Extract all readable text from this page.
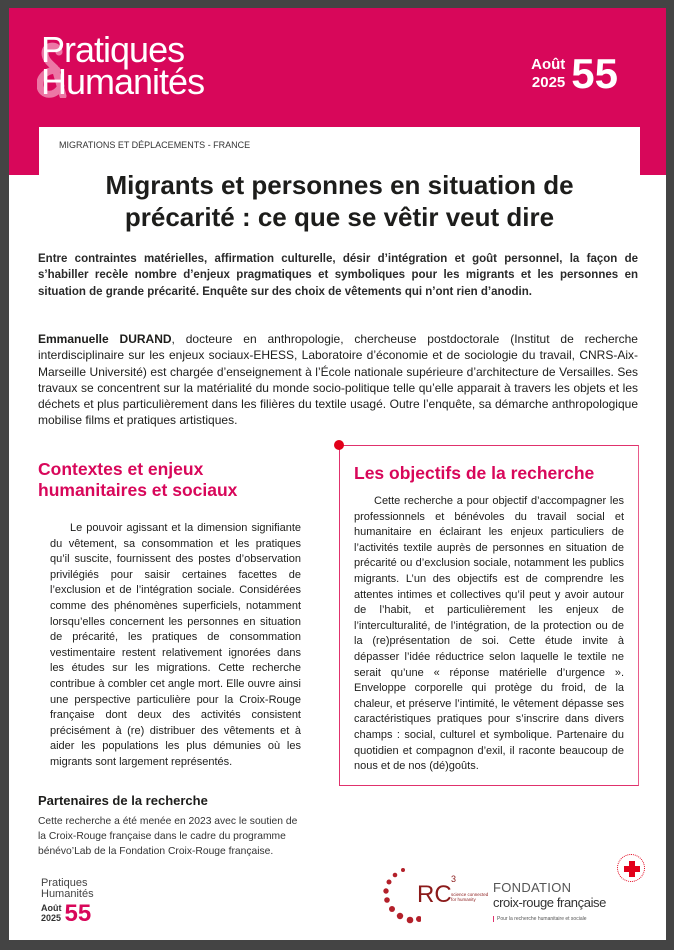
Pratiques
Humanités	Août
2025 55
MIGRATIONS ET DÉPLACEMENTS - FRANCE
Migrants et personnes en situation de
précarité : ce que se vêtir veut dire

Entre contraintes matérielles, affirmation culturelle, désir d’intégration et goût personnel, la façon de s’habiller recèle nombre d’enjeux pragmatiques et symboliques pour les migrants et les personnes en situation de grande précarité. Enquête sur des choix de vêtements qui n’ont rien d’anodin.

Emmanuelle DURAND, docteure en anthropologie, chercheuse postdoctorale (Institut de recherche interdisciplinaire sur les enjeux sociaux-EHESS, Laboratoire d’économie et de sociologie du travail, CNRS-Aix-Marseille Université) est chargée d’enseignement à l’École nationale supérieure d’architecture de Versailles. Ses travaux se concentrent sur la matérialité du monde socio-politique telle qu’elle apparait à travers les objets et les déchets et plus particulièrement dans les filières du textile usagé. Outre l’enquête, sa démarche anthropologique mobilise films et pratiques artistiques.

Contextes et enjeux humanitaires et sociaux

Le pouvoir agissant et la dimension signifiante du vêtement, sa consommation et les pratiques qu’il suscite, fournissent des postes d’observation privilégiés pour saisir certaines facettes de l’exclusion et de l’intégration sociale. Considérées comme des phénomènes superficiels, notamment lorsqu’elles concernent les personnes en situation de précarité, les pratiques de consommation vestimentaire restent relativement ignorées dans les études sur les migrations. Cette recherche contribue à combler cet angle mort. Elle ouvre ainsi une perspective particulière pour la Croix-Rouge française dont deux des activités consistent précisément à (re) distribuer des vêtements et à aider les populations les plus démunies où les migrants sont largement représentés.

Partenaires de la recherche

Cette recherche a été menée en 2023 avec le soutien de la Croix-Rouge française dans le cadre du programme bénévo’Lab de la Fondation Croix-Rouge française.

Les objectifs de la recherche

Cette recherche a pour objectif d’accompagner les professionnels et bénévoles du travail social et humanitaire en éclairant les enjeux particuliers de l’activités textile auprès de personnes en situation de précarité ou d’exclusion sociale, notamment les publics migrants. L’un des objectifs est de comprendre les attentes intimes et collectives qu’il peut y avoir autour de l’habit, et particulièrement les enjeux de l’interculturalité, de l’intégration, de la protection ou de la (re)présentation de soi. Cette étude invite à dépasser l’idée réductrice selon laquelle le textile ne serait qu’une « réponse matérielle d’urgence ». Enveloppe corporelle qui protège du froid, de la chaleur, et préserve l’intimité, le vêtement dépasse ses caractéristiques pratiques pour s’inscrire dans divers champs : social, culturel et symbolique. Partenaire du quotidien et compagnon d’exil, il raconte beaucoup de nous et de nos (dé)goûts.

Pratiques
Humanités
Août
2025 55
RC
3
science connected for humanity
FONDATION
croix-rouge française
Pour la recherche humanitaire et sociale
